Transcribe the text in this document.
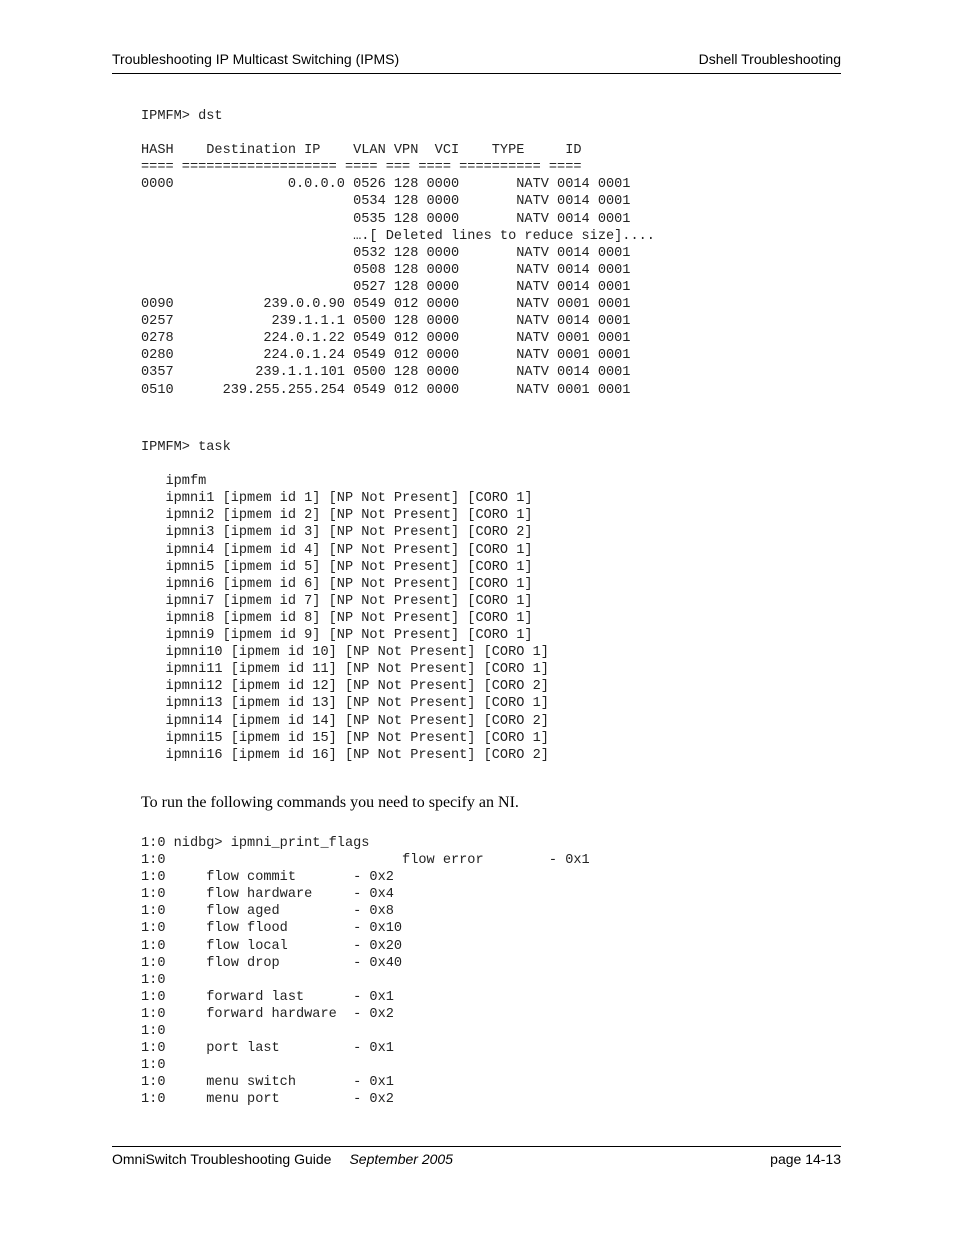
Troubleshooting IP Multicast Switching (IPMS)	Dshell Troubleshooting
IPMFM> dst

HASH    Destination IP    VLAN VPN  VCI    TYPE     ID
==== =================== ==== === ==== ========== ====
0000              0.0.0.0 0526 128 0000       NATV 0014 0001
0534 128 0000       NATV 0014 0001
0535 128 0000       NATV 0014 0001
….[ Deleted lines to reduce size]....
0532 128 0000       NATV 0014 0001
0508 128 0000       NATV 0014 0001
0527 128 0000       NATV 0014 0001
0090           239.0.0.90 0549 012 0000       NATV 0001 0001
0257            239.1.1.1 0500 128 0000       NATV 0014 0001
0278           224.0.1.22 0549 012 0000       NATV 0001 0001
0280           224.0.1.24 0549 012 0000       NATV 0001 0001
0357          239.1.1.101 0500 128 0000       NATV 0014 0001
0510      239.255.255.254 0549 012 0000       NATV 0001 0001
IPMFM> task

ipmfm
ipmni1 [ipmem id 1] [NP Not Present] [CORO 1]
ipmni2 [ipmem id 2] [NP Not Present] [CORO 1]
ipmni3 [ipmem id 3] [NP Not Present] [CORO 2]
ipmni4 [ipmem id 4] [NP Not Present] [CORO 1]
ipmni5 [ipmem id 5] [NP Not Present] [CORO 1]
ipmni6 [ipmem id 6] [NP Not Present] [CORO 1]
ipmni7 [ipmem id 7] [NP Not Present] [CORO 1]
ipmni8 [ipmem id 8] [NP Not Present] [CORO 1]
ipmni9 [ipmem id 9] [NP Not Present] [CORO 1]
ipmni10 [ipmem id 10] [NP Not Present] [CORO 1]
ipmni11 [ipmem id 11] [NP Not Present] [CORO 1]
ipmni12 [ipmem id 12] [NP Not Present] [CORO 2]
ipmni13 [ipmem id 13] [NP Not Present] [CORO 1]
ipmni14 [ipmem id 14] [NP Not Present] [CORO 2]
ipmni15 [ipmem id 15] [NP Not Present] [CORO 1]
ipmni16 [ipmem id 16] [NP Not Present] [CORO 2]

To run the following commands you need to specify an NI.

1:0 nidbg> ipmni_print_flags
1:0                             flow error        - 0x1
1:0     flow commit       - 0x2
1:0     flow hardware     - 0x4
1:0     flow aged         - 0x8
1:0     flow flood        - 0x10
1:0     flow local        - 0x20
1:0     flow drop         - 0x40
1:0
1:0     forward last      - 0x1
1:0     forward hardware  - 0x2
1:0
1:0     port last         - 0x1
1:0
1:0     menu switch       - 0x1
1:0     menu port         - 0x2
OmniSwitch Troubleshooting Guide September 2005	page 14-13
